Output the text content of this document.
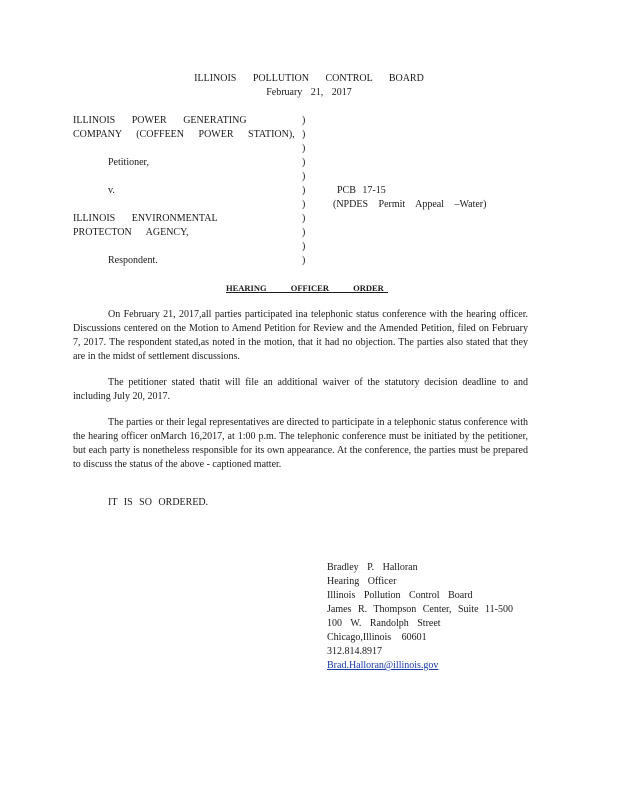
ILLINOIS POLLUTION CONTROL BOARD
February 21, 2017
ILLINOIS POWER GENERATING
COMPANY (COFFEEN POWER STATION),
Petitioner,
v.
ILLINOIS ENVIRONMENTAL
PROTECTON AGENCY,
Respondent.
)
)
)
)
)
)
)
)
)
)
)
PCB 17-15
(NPDES Permit Appeal –Water)
HEARING OFFICER ORDER
On February 21, 2017,all parties participated ina telephonic status conference with the hearing officer. Discussions centered on the Motion to Amend Petition for Review and the Amended Petition, filed on February 7, 2017. The respondent stated,as noted in the motion, that it had no objection. The parties also stated that they are in the midst of settlement discussions.
The petitioner stated thatit will file an additional waiver of the statutory decision deadline to and including July 20, 2017.
The parties or their legal representatives are directed to participate in a telephonic status conference with the hearing officer onMarch 16,2017, at 1:00 p.m. The telephonic conference must be initiated by the petitioner, but each party is nonetheless responsible for its own appearance. At the conference, the parties must be prepared to discuss the status of the above - captioned matter.
IT IS SO ORDERED.
Bradley P. Halloran
Hearing Officer
Illinois Pollution Control Board
James R. Thompson Center, Suite 11-500
100 W. Randolph Street
Chicago,Illinois 60601
312.814.8917
Brad.Halloran@illinois.gov
